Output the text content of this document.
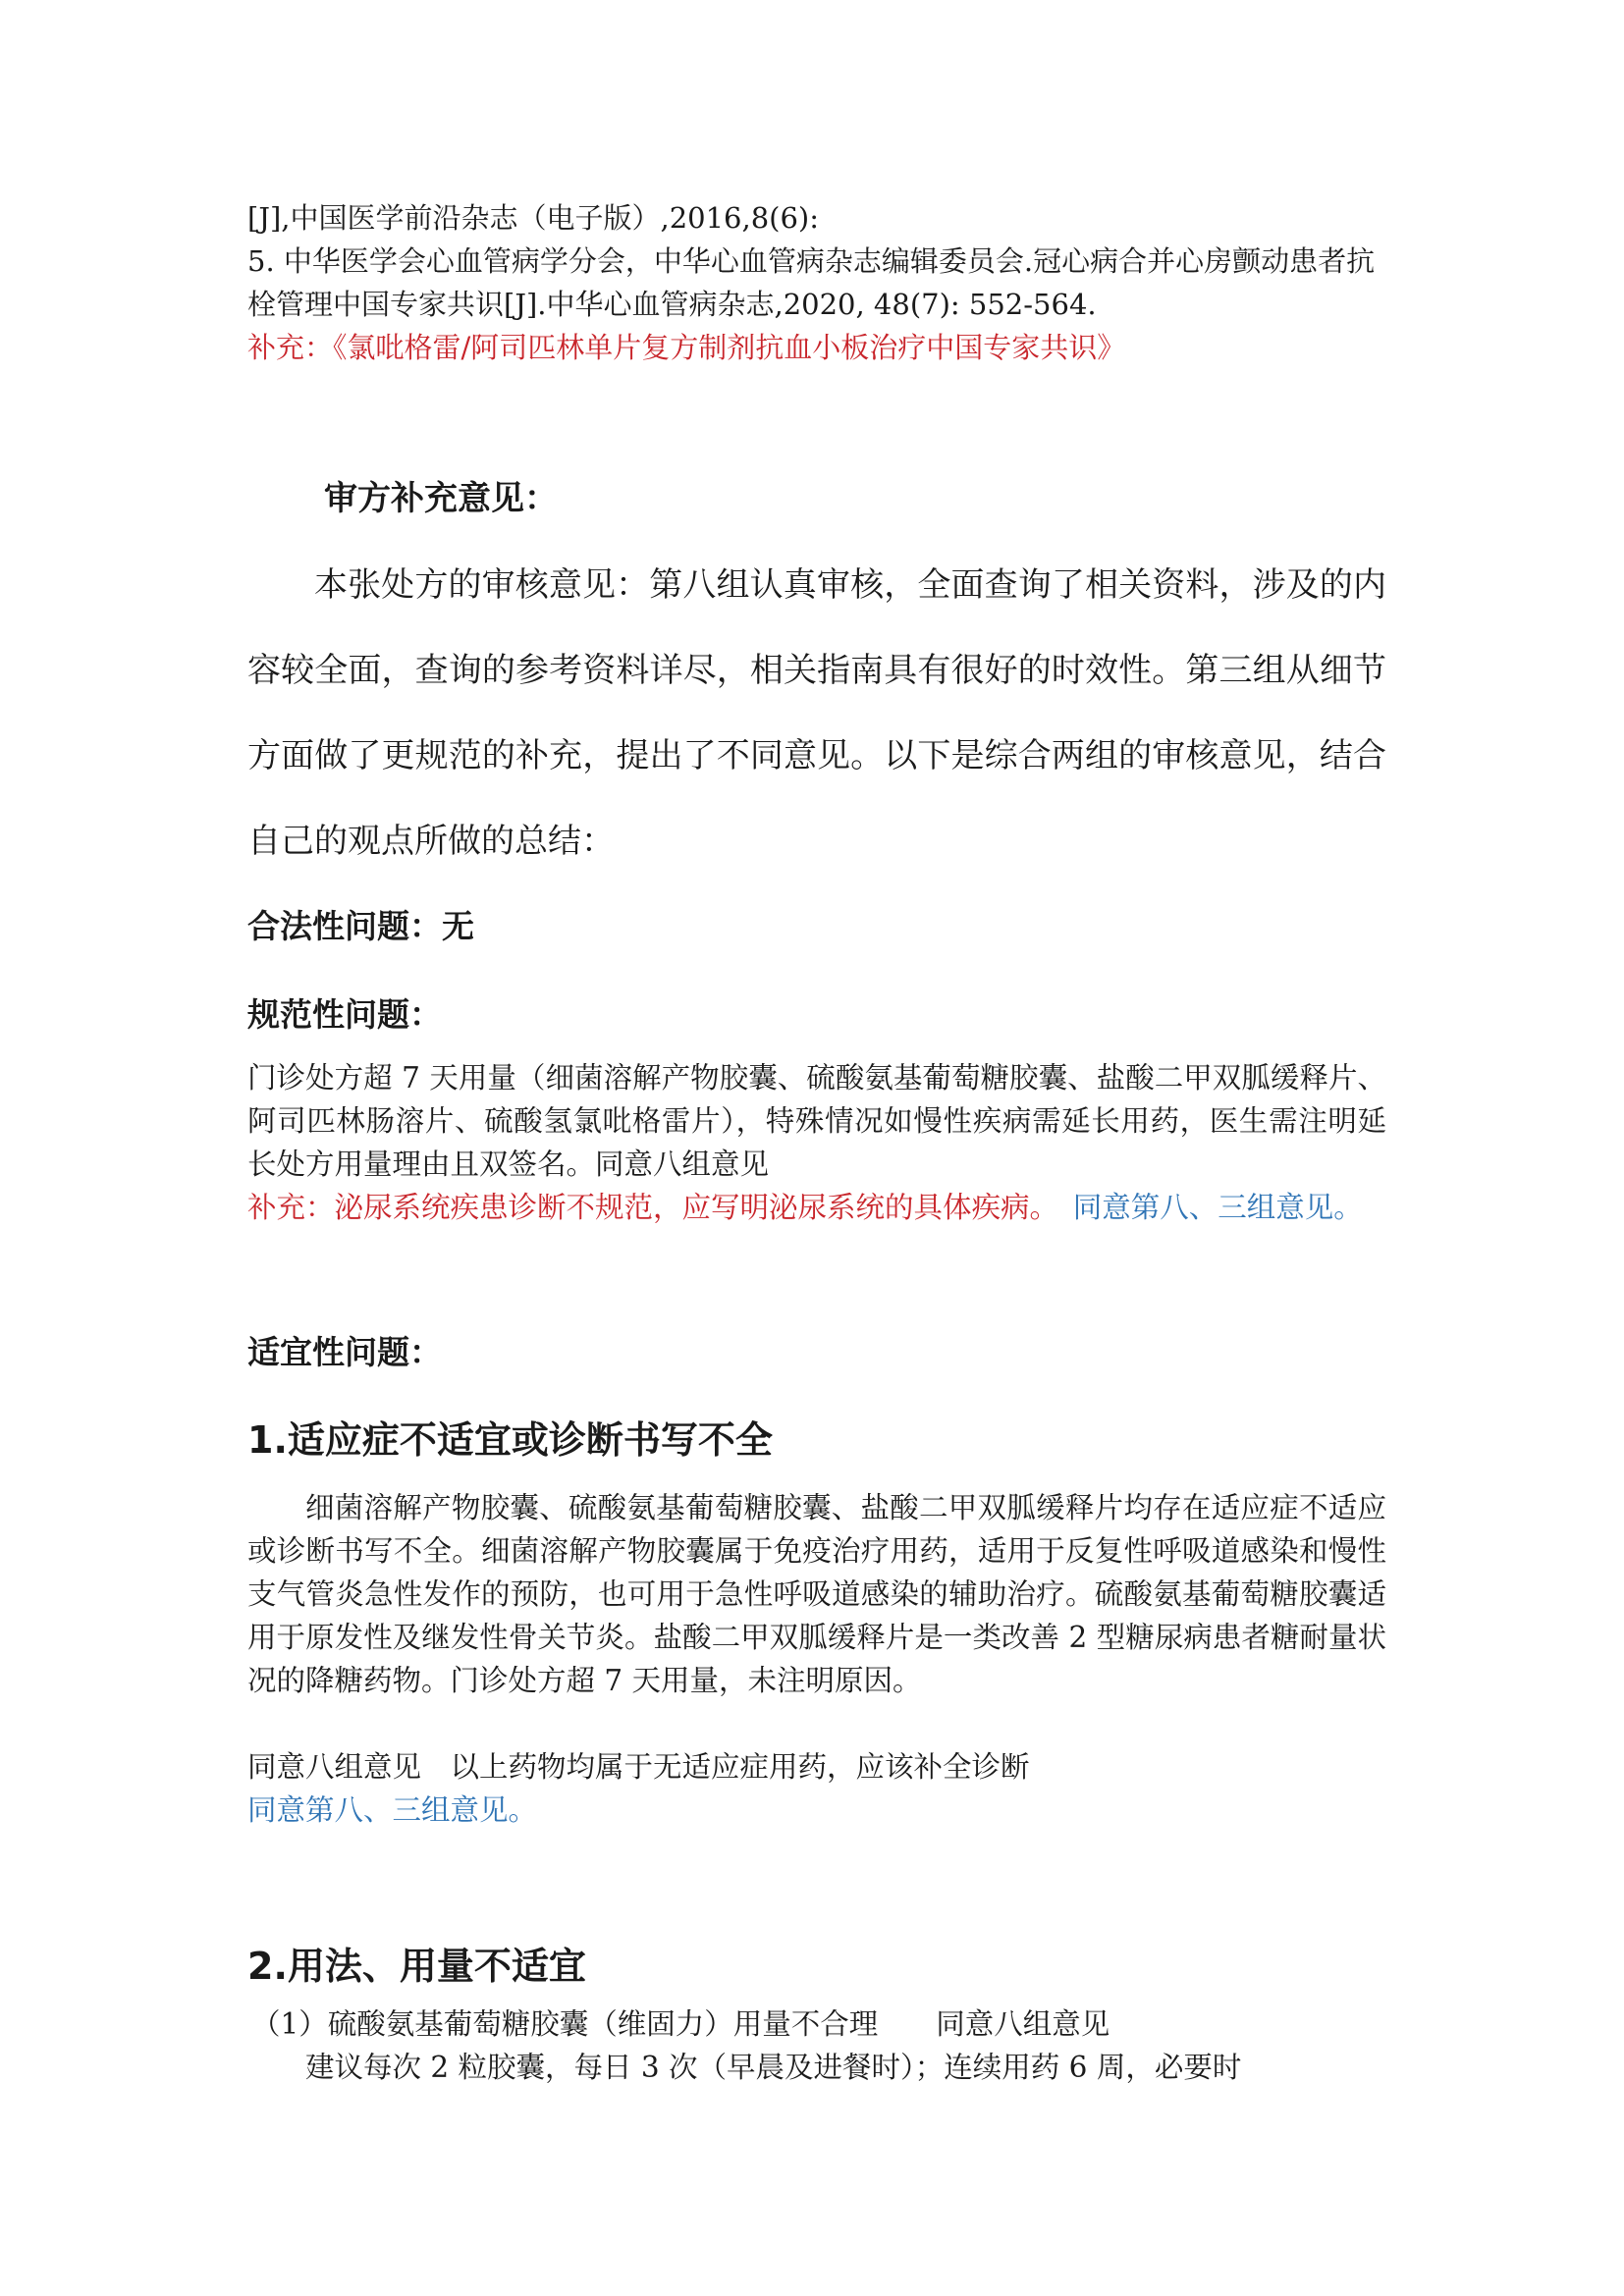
[J],中国医学前沿杂志（电子版）,2016,8(6):
5. 中华医学会心血管病学分会，中华心血管病杂志编辑委员会.冠心病合并心房颤动患者抗栓管理中国专家共识[J].中华心血管病杂志,2020, 48(7): 552-564.
补充：《氯吡格雷/阿司匹林单片复方制剂抗血小板治疗中国专家共识》
审方补充意见：
本张处方的审核意见：第八组认真审核，全面查询了相关资料，涉及的内容较全面，查询的参考资料详尽，相关指南具有很好的时效性。第三组从细节方面做了更规范的补充，提出了不同意见。以下是综合两组的审核意见，结合自己的观点所做的总结：
合法性问题：无
规范性问题：
门诊处方超 7 天用量（细菌溶解产物胶囊、硫酸氨基葡萄糖胶囊、盐酸二甲双胍缓释片、阿司匹林肠溶片、硫酸氢氯吡格雷片），特殊情况如慢性疾病需延长用药，医生需注明延长处方用量理由且双签名。同意八组意见
补充：泌尿系统疾患诊断不规范，应写明泌尿系统的具体疾病。　同意第八、三组意见。
适宜性问题：
1.适应症不适宜或诊断书写不全
细菌溶解产物胶囊、硫酸氨基葡萄糖胶囊、盐酸二甲双胍缓释片均存在适应症不适应或诊断书写不全。细菌溶解产物胶囊属于免疫治疗用药，适用于反复性呼吸道感染和慢性支气管炎急性发作的预防，也可用于急性呼吸道感染的辅助治疗。硫酸氨基葡萄糖胶囊适用于原发性及继发性骨关节炎。盐酸二甲双胍缓释片是一类改善 2 型糖尿病患者糖耐量状况的降糖药物。门诊处方超 7 天用量，未注明原因。
同意八组意见　以上药物均属于无适应症用药，应该补全诊断
同意第八、三组意见。
2.用法、用量不适宜
（1）硫酸氨基葡萄糖胶囊（维固力）用量不合理　　同意八组意见
建议每次 2 粒胶囊，每日 3 次（早晨及进餐时）；连续用药 6 周，必要时
